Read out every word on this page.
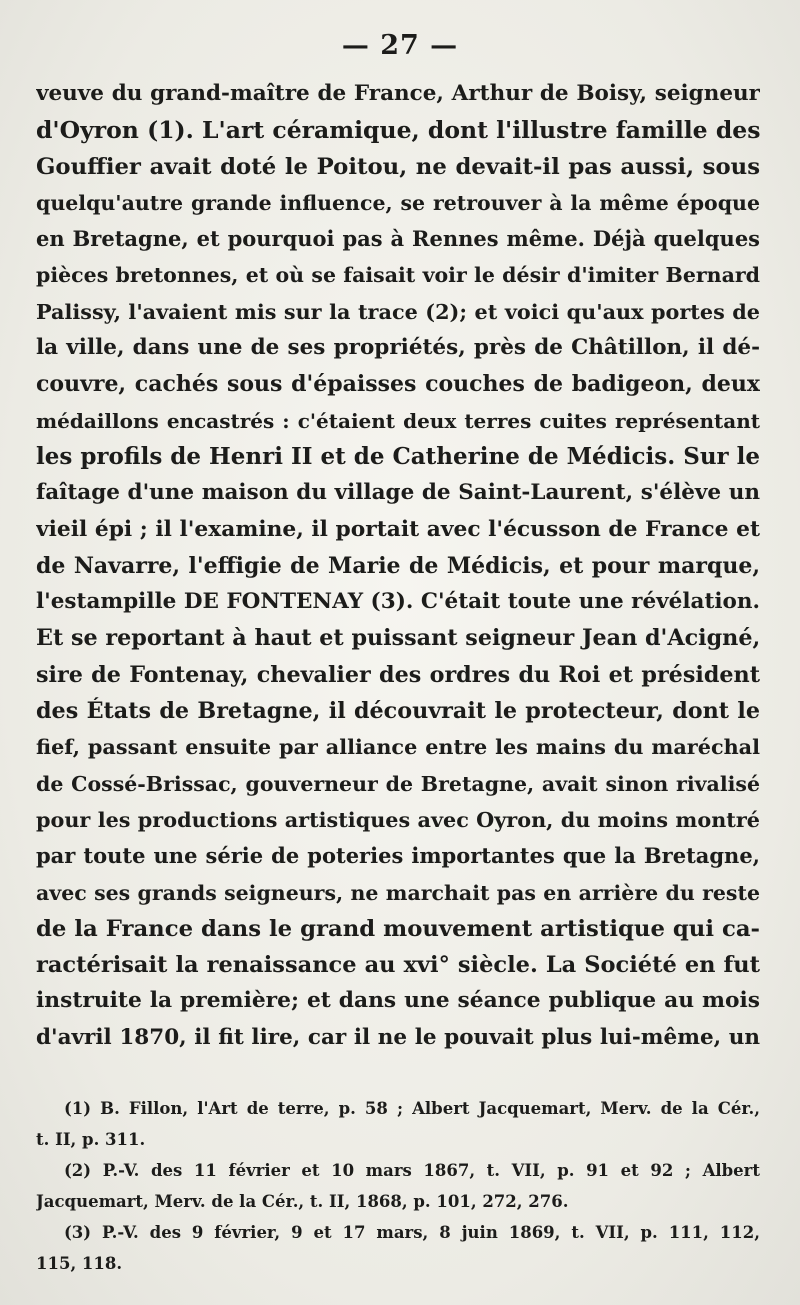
— 27 —
veuve du grand-maître de France, Arthur de Boisy, seigneur
d'Oyron (1). L'art céramique, dont l'illustre famille des
Gouffier avait doté le Poitou, ne devait-il pas aussi, sous
quelqu'autre grande influence, se retrouver à la même époque
en Bretagne, et pourquoi pas à Rennes même. Déjà quelques
pièces bretonnes, et où se faisait voir le désir d'imiter Bernard
Palissy, l'avaient mis sur la trace (2); et voici qu'aux portes de
la ville, dans une de ses propriétés, près de Châtillon, il dé-
couvre, cachés sous d'épaisses couches de badigeon, deux
médaillons encastrés : c'étaient deux terres cuites représentant
les profils de Henri II et de Catherine de Médicis. Sur le
faîtage d'une maison du village de Saint-Laurent, s'élève un
vieil épi ; il l'examine, il portait avec l'écusson de France et
de Navarre, l'effigie de Marie de Médicis, et pour marque,
l'estampille DE FONTENAY (3). C'était toute une révélation.
Et se reportant à haut et puissant seigneur Jean d'Acigné,
sire de Fontenay, chevalier des ordres du Roi et président
des États de Bretagne, il découvrait le protecteur, dont le
fief, passant ensuite par alliance entre les mains du maréchal
de Cossé-Brissac, gouverneur de Bretagne, avait sinon rivalisé
pour les productions artistiques avec Oyron, du moins montré
par toute une série de poteries importantes que la Bretagne,
avec ses grands seigneurs, ne marchait pas en arrière du reste
de la France dans le grand mouvement artistique qui ca-
ractérisait la renaissance au xvi° siècle. La Société en fut
instruite la première; et dans une séance publique au mois
d'avril 1870, il fit lire, car il ne le pouvait plus lui-même, un
(1) B. Fillon, l'Art de terre, p. 58 ; Albert Jacquemart, Merv. de la Cér.,
t. II, p. 311.
(2) P.-V. des 11 février et 10 mars 1867, t. VII, p. 91 et 92 ; Albert
Jacquemart, Merv. de la Cér., t. II, 1868, p. 101, 272, 276.
(3) P.-V. des 9 février, 9 et 17 mars, 8 juin 1869, t. VII, p. 111, 112,
115, 118.
